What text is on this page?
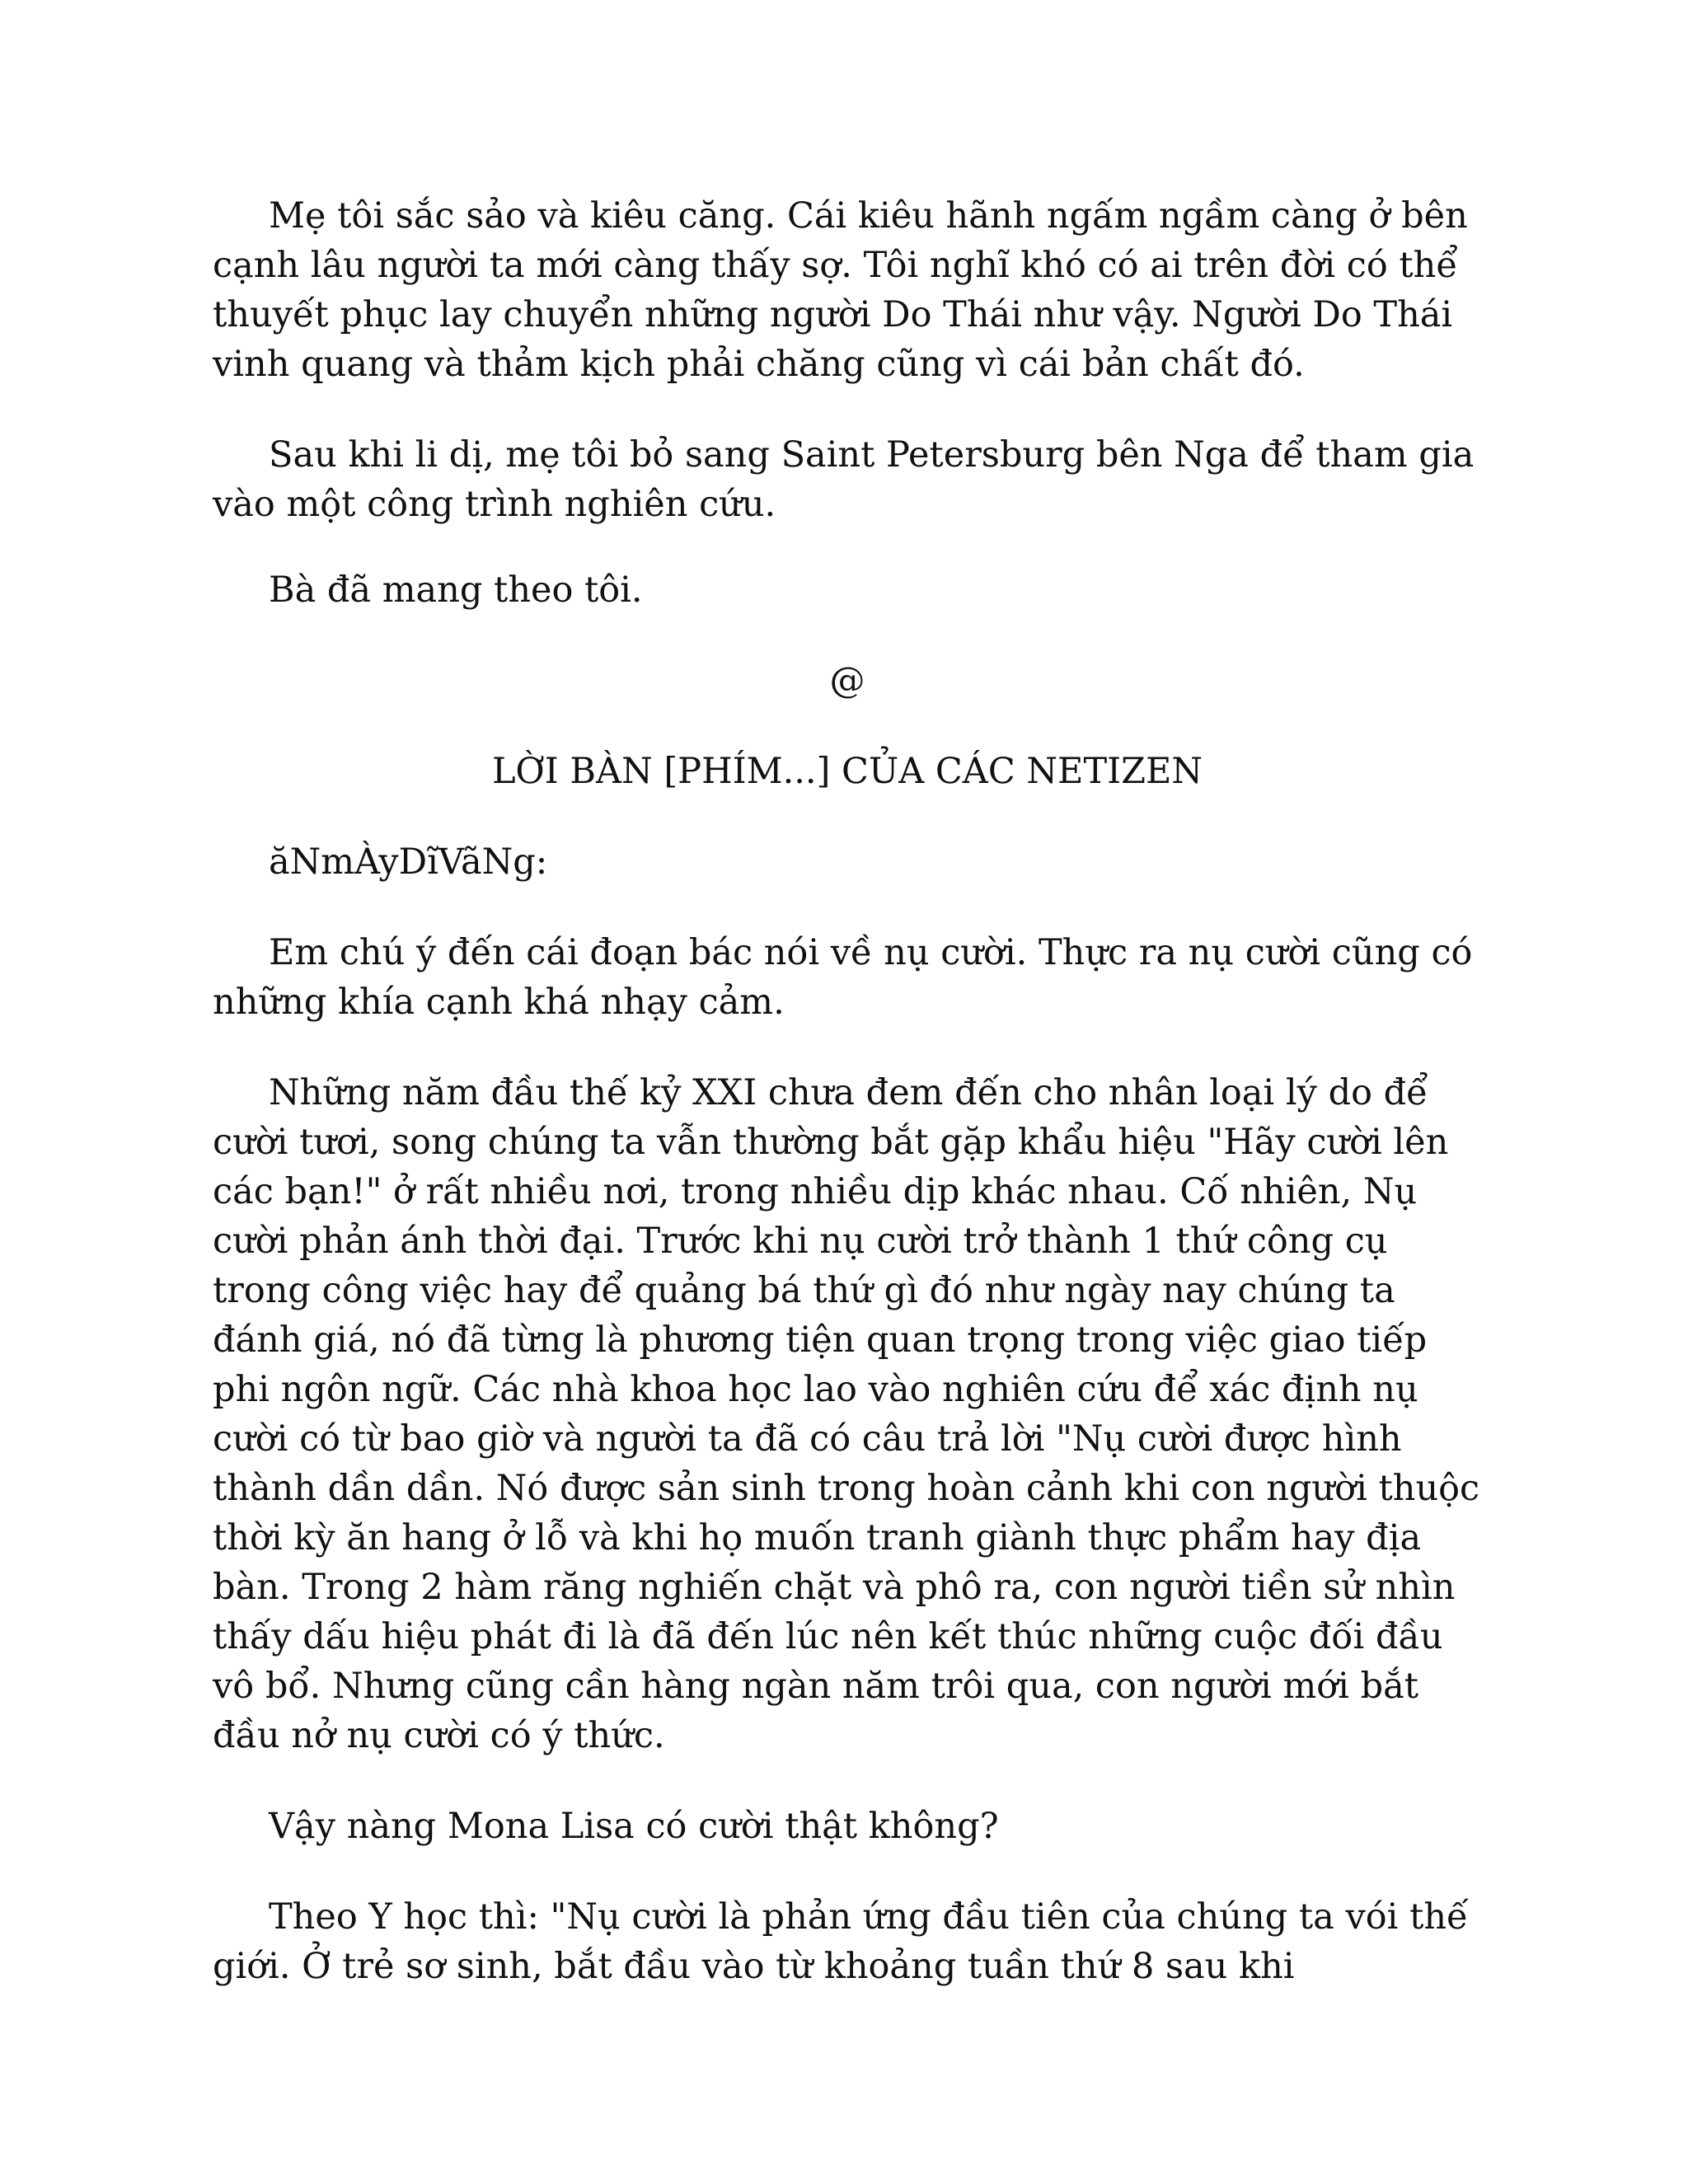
Mẹ tôi sắc sảo và kiêu căng. Cái kiêu hãnh ngấm ngầm càng ở bên cạnh lâu người ta mới càng thấy sợ. Tôi nghĩ khó có ai trên đời có thể thuyết phục lay chuyển những người Do Thái như vậy. Người Do Thái vinh quang và thảm kịch phải chăng cũng vì cái bản chất đó.

Sau khi li dị, mẹ tôi bỏ sang Saint Petersburg bên Nga để tham gia vào một công trình nghiên cứu.

Bà đã mang theo tôi.

@

LỜI BÀN [PHÍM...] CỦA CÁC NETIZEN

ăNmÀyDĩVãNg:

Em chú ý đến cái đoạn bác nói về nụ cười. Thực ra nụ cười cũng có những khía cạnh khá nhạy cảm.

Những năm đầu thế kỷ XXI chưa đem đến cho nhân loại lý do để cười tươi, song chúng ta vẫn thường bắt gặp khẩu hiệu "Hãy cười lên các bạn!" ở rất nhiều nơi, trong nhiều dịp khác nhau. Cố nhiên, Nụ cười phản ánh thời đại. Trước khi nụ cười trở thành 1 thứ công cụ trong công việc hay để quảng bá thứ gì đó như ngày nay chúng ta đánh giá, nó đã từng là phương tiện quan trọng trong việc giao tiếp phi ngôn ngữ. Các nhà khoa học lao vào nghiên cứu để xác định nụ cười có từ bao giờ và người ta đã có câu trả lời "Nụ cười được hình thành dần dần. Nó được sản sinh trong hoàn cảnh khi con người thuộc thời kỳ ăn hang ở lỗ và khi họ muốn tranh giành thực phẩm hay địa bàn. Trong 2 hàm răng nghiến chặt và phô ra, con người tiền sử nhìn thấy dấu hiệu phát đi là đã đến lúc nên kết thúc những cuộc đối đầu vô bổ. Nhưng cũng cần hàng ngàn năm trôi qua, con người mới bắt đầu nở nụ cười có ý thức.

Vậy nàng Mona Lisa có cười thật không?

Theo Y học thì: "Nụ cười là phản ứng đầu tiên của chúng ta vói thế giới. Ở trẻ sơ sinh, bắt đầu vào từ khoảng tuần thứ 8 sau khi
